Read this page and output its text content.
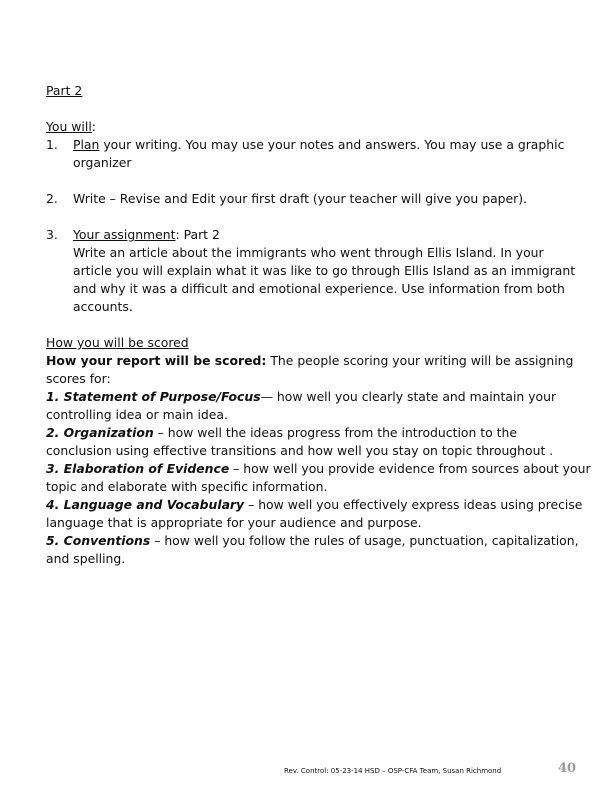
Part 2
You will:
1. Plan your writing. You may use your notes and answers. You may use a graphic
organizer
2. Write – Revise and Edit your first draft (your teacher will give you paper).
3. Your assignment: Part 2
Write an article about the immigrants who went through Ellis Island. In your
article you will explain what it was like to go through Ellis Island as an immigrant
and why it was a difficult and emotional experience. Use information from both
accounts.
How you will be scored
How your report will be scored: The people scoring your writing will be assigning
scores for:
1. Statement of Purpose/Focus— how well you clearly state and maintain your
controlling idea or main idea.
2. Organization – how well the ideas progress from the introduction to the
conclusion using effective transitions and how well you stay on topic throughout .
3. Elaboration of Evidence – how well you provide evidence from sources about your
topic and elaborate with specific information.
4. Language and Vocabulary – how well you effectively express ideas using precise
language that is appropriate for your audience and purpose.
5. Conventions – how well you follow the rules of usage, punctuation, capitalization,
and spelling.
Rev. Control: 05-23-14 HSD – OSP-CFA Team, Susan Richmond	40
